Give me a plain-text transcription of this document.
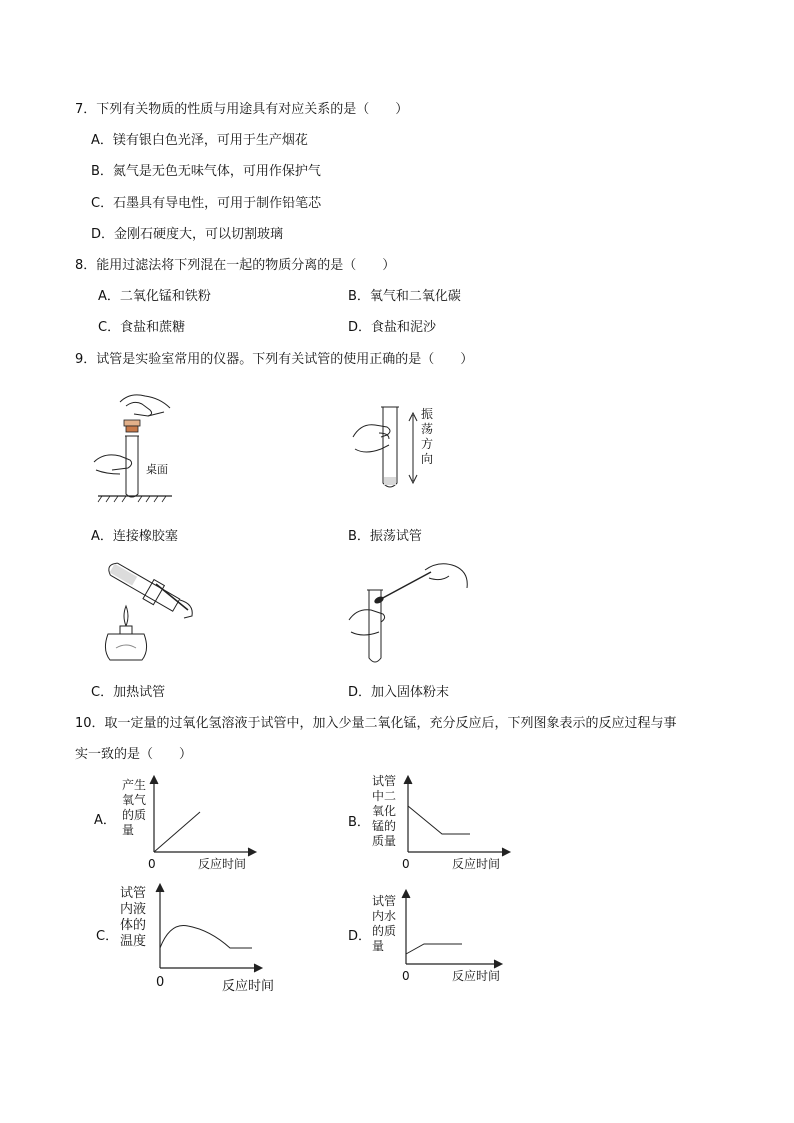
7．下列有关物质的性质与用途具有对应关系的是（　　）
A．镁有银白色光泽，可用于生产烟花
B．氮气是无色无味气体，可用作保护气
C．石墨具有导电性，可用于制作铅笔芯
D．金刚石硬度大，可以切割玻璃
8．能用过滤法将下列混在一起的物质分离的是（　　）
A．二氧化锰和铁粉	B．氧气和二氧化碳
C．食盐和蔗糖	D．食盐和泥沙
9．试管是实验室常用的仪器。下列有关试管的使用正确的是（　　）
桌面
振
荡
方
向
A．连接橡胶塞	B．振荡试管
C．加热试管	D．加入固体粉末
10．取一定量的过氧化氢溶液于试管中，加入少量二氧化锰，充分反应后，下列图象表示的反应过程与事
实一致的是（　　）
A．
产生
氧气
的质
量
0	反应时间
B．
试管
中二
氧化
锰的
质量
0	反应时间
C．
试管
内液
体的
温度
0	反应时间
D．
试管
内水
的质
量
0	反应时间
